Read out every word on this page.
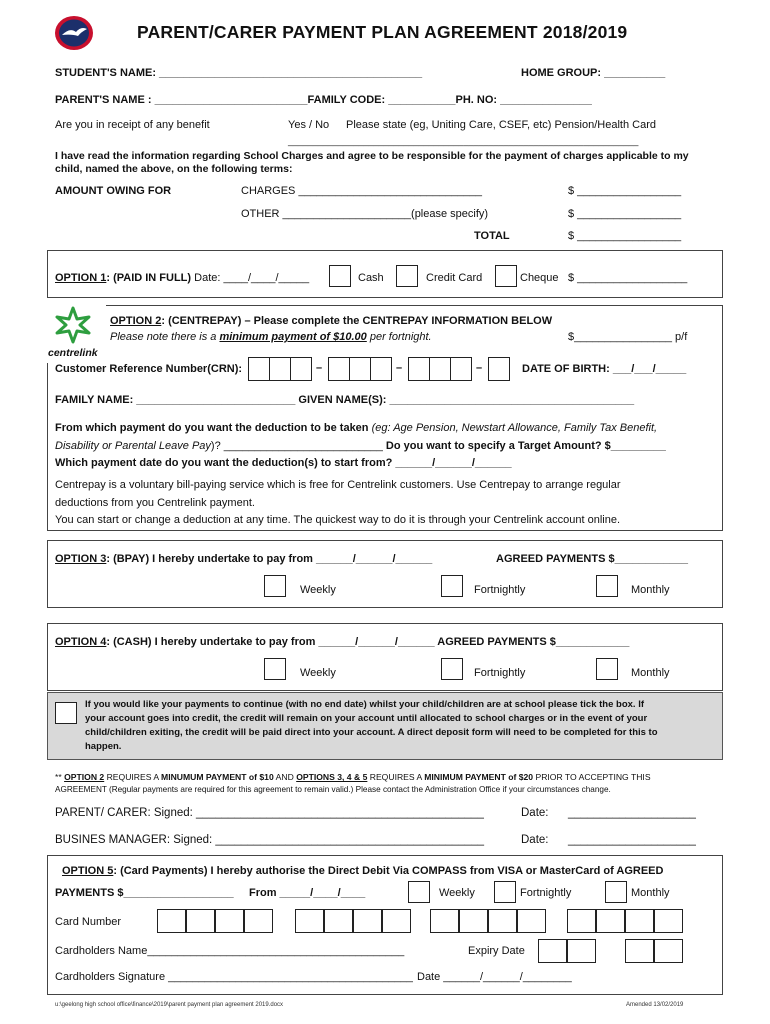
PARENT/CARER PAYMENT PLAN AGREEMENT 2018/2019
STUDENT'S NAME: ___________________________________________	HOME GROUP: __________
PARENT'S NAME : _________________________FAMILY CODE: ___________PH. NO: _______________
Are you in receipt of any benefit	Yes / No Please state (eg, Uniting Care, CSEF, etc) Pension/Health Card
______________________________________________________________________
I have read the information regarding School Charges and agree to be responsible for the payment of charges applicable to my
child, named the above, on the following terms:
AMOUNT OWING FOR	CHARGES ______________________________	$ _________________
OTHER _____________________(please specify)	$ _________________
TOTAL	$ _________________
OPTION 1: (PAID IN FULL) Date: ____/____/_____	Cash	Credit Card	Cheque $ __________________
centrelink
OPTION 2: (CENTREPAY) – Please complete the CENTREPAY INFORMATION BELOW
Please note there is a minimum payment of $10.00 per fortnight.	$________________ p/f
Customer Reference Number(CRN):	–	–	–	DATE OF BIRTH: ___/___/_____
FAMILY NAME: __________________________ GIVEN NAME(S): ________________________________________
From which payment do you want the deduction to be taken (eg: Age Pension, Newstart Allowance, Family Tax Benefit,
Disability or Parental Leave Pay)? __________________________ Do you want to specify a Target Amount? $_________
Which payment date do you want the deduction(s) to start from? ______/______/______
Centrepay is a voluntary bill-paying service which is free for Centrelink customers. Use Centrepay to arrange regular
deductions from you Centrelink payment.
You can start or change a deduction at any time. The quickest way to do it is through your Centrelink account online.
OPTION 3: (BPAY) I hereby undertake to pay from ______/______/______	AGREED PAYMENTS $____________
Weekly	Fortnightly	Monthly
OPTION 4: (CASH) I hereby undertake to pay from ______/______/______ AGREED PAYMENTS $____________
Weekly	Fortnightly	Monthly
If you would like your payments to continue (with no end date) whilst your child/children are at school please tick the box. If
your account goes into credit, the credit will remain on your account until allocated to school charges or in the event of your
child/children exiting, the credit will be paid direct into your account. A direct deposit form will need to be completed for this to
happen.
** OPTION 2 REQUIRES A MINUMUM PAYMENT of $10 AND OPTIONS 3, 4 & 5 REQUIRES A MINIMUM PAYMENT of $20 PRIOR TO ACCEPTING THIS
AGREEMENT (Regular payments are required for this agreement to remain valid.) Please contact the Administration Office if your circumstances change.
PARENT/ CARER: Signed: _____________________________________________	Date: ____________________
BUSINES MANAGER: Signed: __________________________________________	Date: ____________________
OPTION 5: (Card Payments) I hereby authorise the Direct Debit Via COMPASS from VISA or MasterCard of AGREED
PAYMENTS $__________________ From _____/____/____	Weekly	Fortnightly	Monthly
Card Number
Cardholders Name__________________________________________	Expiry Date
Cardholders Signature ________________________________________ Date ______/______/________
u:\geelong high school office\finance\2019\parent payment plan agreement 2019.docx	Amended 13/02/2019
